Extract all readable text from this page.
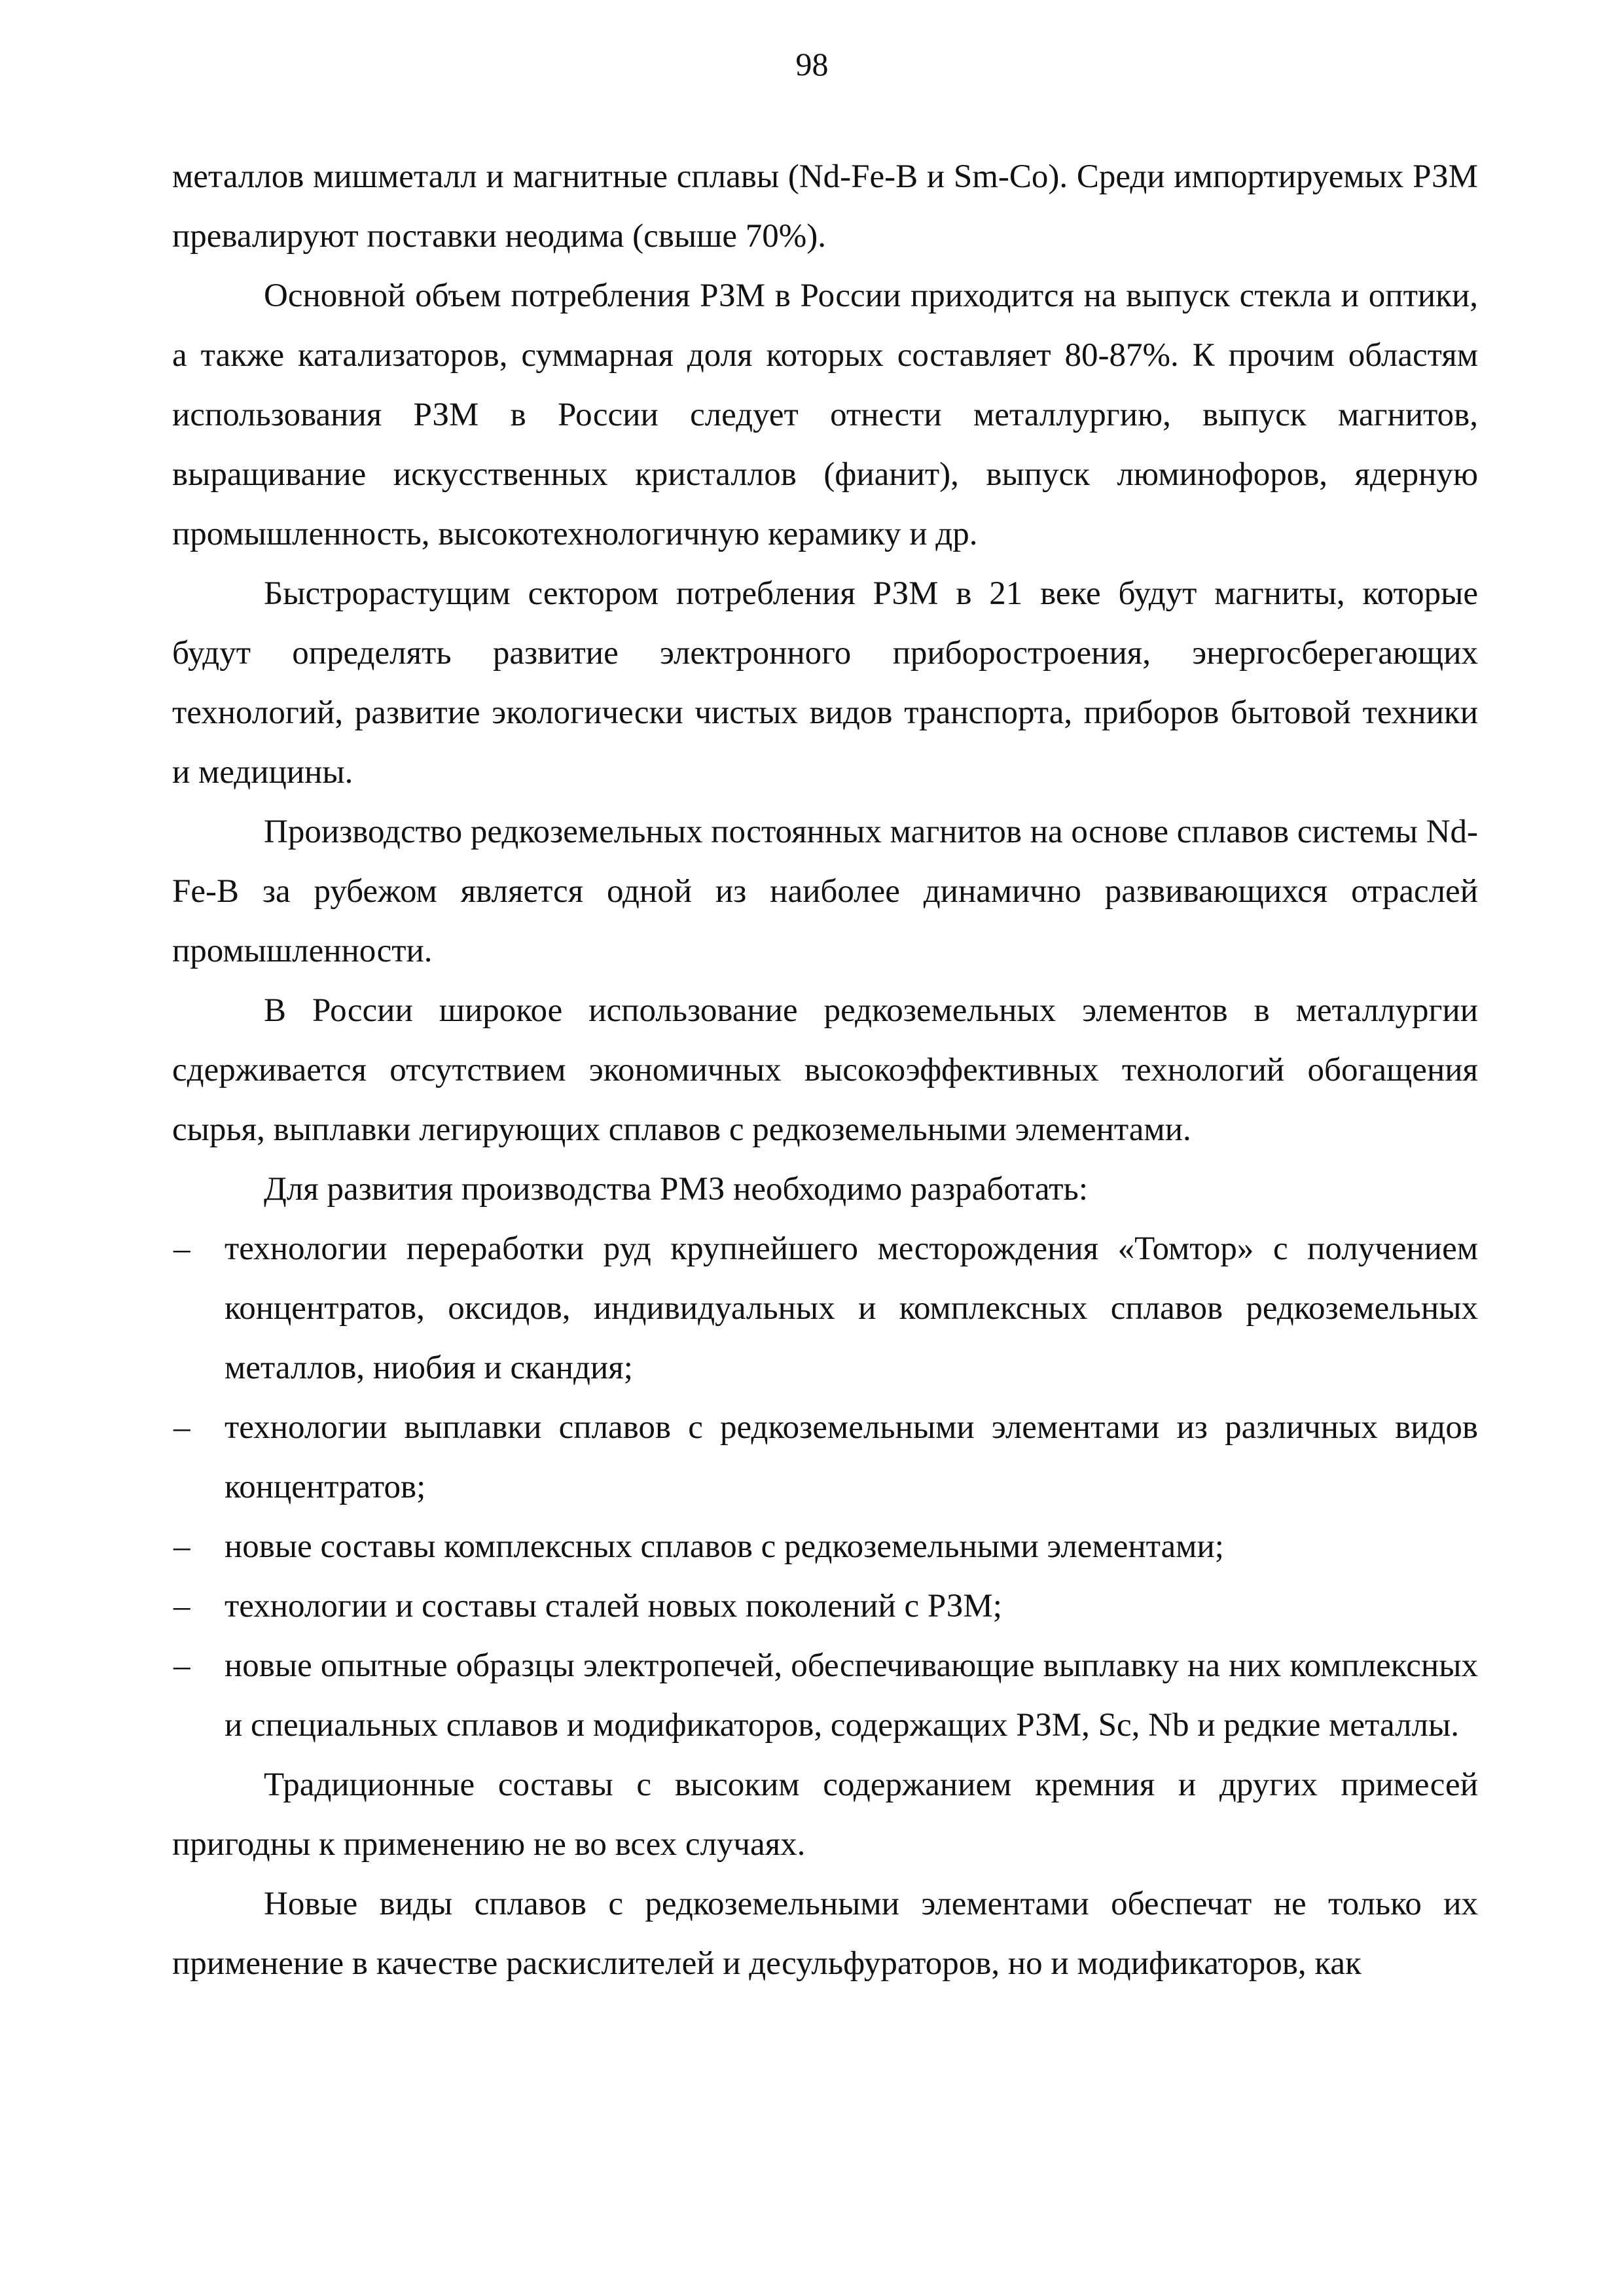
98

металлов мишметалл и магнитные сплавы (Nd-Fe-B и Sm-Co). Среди импортируемых РЗМ превалируют поставки неодима (свыше 70%).

Основной объем потребления РЗМ в России приходится на выпуск стекла и оптики, а также катализаторов, суммарная доля которых составляет 80-87%. К прочим областям использования РЗМ в России следует отнести металлургию, выпуск магнитов, выращивание искусственных кристаллов (фианит), выпуск люминофоров, ядерную промышленность, высокотехнологичную керамику и др.

Быстрорастущим сектором потребления РЗМ в 21 веке будут магниты, которые будут определять развитие электронного приборостроения, энергосберегающих технологий, развитие экологически чистых видов транспорта, приборов бытовой техники и медицины.

Производство редкоземельных постоянных магнитов на основе сплавов системы Nd-Fe-B за рубежом является одной из наиболее динамично развивающихся отраслей промышленности.

В России широкое использование редкоземельных элементов в металлургии сдерживается отсутствием экономичных высокоэффективных технологий обогащения сырья, выплавки легирующих сплавов с редкоземельными элементами.

Для развития производства РМЗ необходимо разработать:

– технологии переработки руд крупнейшего месторождения «Томтор» с получением концентратов, оксидов, индивидуальных и комплексных сплавов редкоземельных металлов, ниобия и скандия;
– технологии выплавки сплавов с редкоземельными элементами из различных видов концентратов;
– новые составы комплексных сплавов с редкоземельными элементами;
– технологии и составы сталей новых поколений с РЗМ;
– новые опытные образцы электропечей, обеспечивающие выплавку на них комплексных и специальных сплавов и модификаторов, содержащих РЗМ, Sc, Nb и редкие металлы.

Традиционные составы с высоким содержанием кремния и других примесей пригодны к применению не во всех случаях.

Новые виды сплавов с редкоземельными элементами обеспечат не только их применение в качестве раскислителей и десульфураторов, но и модификаторов, как
